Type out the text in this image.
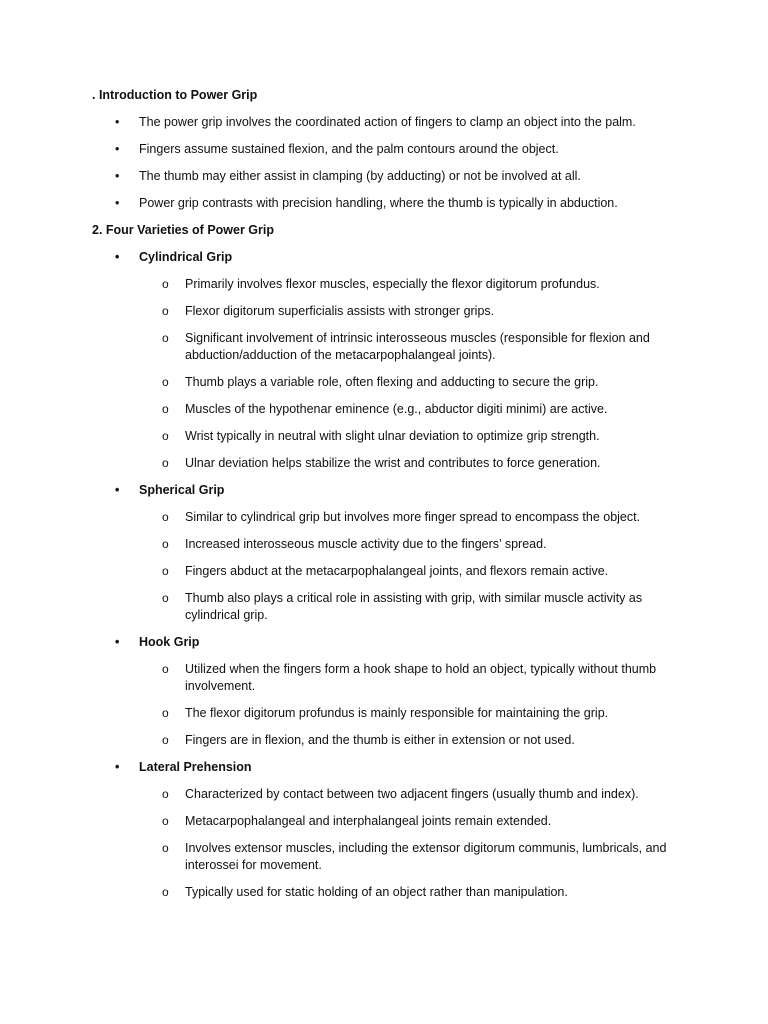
. Introduction to Power Grip
• The power grip involves the coordinated action of fingers to clamp an object into the palm.
• Fingers assume sustained flexion, and the palm contours around the object.
• The thumb may either assist in clamping (by adducting) or not be involved at all.
• Power grip contrasts with precision handling, where the thumb is typically in abduction.
2. Four Varieties of Power Grip
• Cylindrical Grip
o Primarily involves flexor muscles, especially the flexor digitorum profundus.
o Flexor digitorum superficialis assists with stronger grips.
o Significant involvement of intrinsic interosseous muscles (responsible for flexion and abduction/adduction of the metacarpophalangeal joints).
o Thumb plays a variable role, often flexing and adducting to secure the grip.
o Muscles of the hypothenar eminence (e.g., abductor digiti minimi) are active.
o Wrist typically in neutral with slight ulnar deviation to optimize grip strength.
o Ulnar deviation helps stabilize the wrist and contributes to force generation.
• Spherical Grip
o Similar to cylindrical grip but involves more finger spread to encompass the object.
o Increased interosseous muscle activity due to the fingers’ spread.
o Fingers abduct at the metacarpophalangeal joints, and flexors remain active.
o Thumb also plays a critical role in assisting with grip, with similar muscle activity as cylindrical grip.
• Hook Grip
o Utilized when the fingers form a hook shape to hold an object, typically without thumb involvement.
o The flexor digitorum profundus is mainly responsible for maintaining the grip.
o Fingers are in flexion, and the thumb is either in extension or not used.
• Lateral Prehension
o Characterized by contact between two adjacent fingers (usually thumb and index).
o Metacarpophalangeal and interphalangeal joints remain extended.
o Involves extensor muscles, including the extensor digitorum communis, lumbricals, and interossei for movement.
o Typically used for static holding of an object rather than manipulation.
